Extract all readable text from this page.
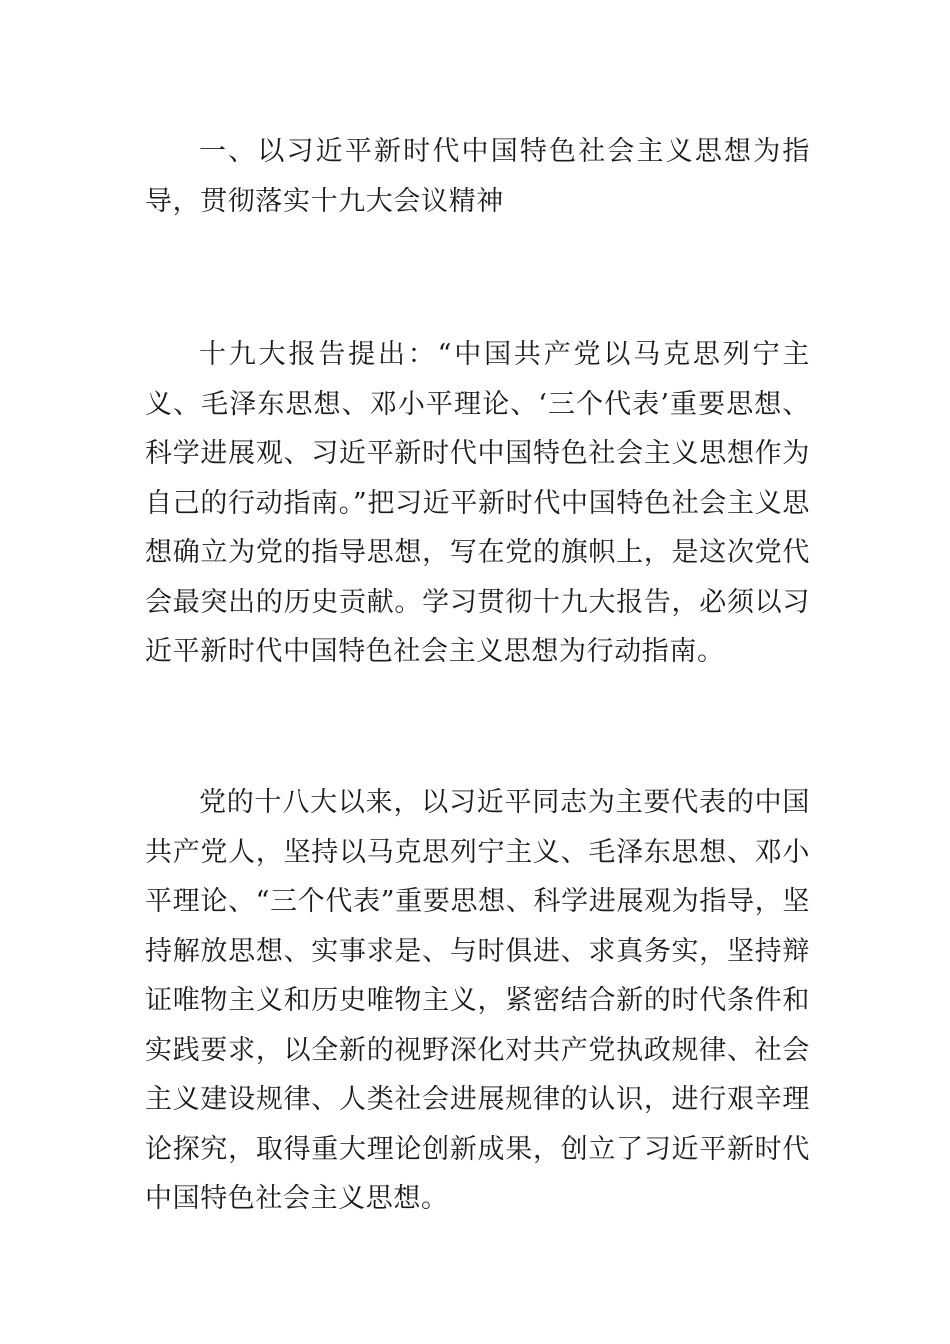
一、以习近平新时代中国特色社会主义思想为指导，贯彻落实十九大会议精神

十九大报告提出：“中国共产党以马克思列宁主义、毛泽东思想、邓小平理论、‘三个代表’重要思想、科学进展观、习近平新时代中国特色社会主义思想作为自己的行动指南。”把习近平新时代中国特色社会主义思想确立为党的指导思想，写在党的旗帜上，是这次党代会最突出的历史贡献。学习贯彻十九大报告，必须以习近平新时代中国特色社会主义思想为行动指南。

党的十八大以来，以习近平同志为主要代表的中国共产党人，坚持以马克思列宁主义、毛泽东思想、邓小平理论、“三个代表”重要思想、科学进展观为指导，坚持解放思想、实事求是、与时俱进、求真务实，坚持辩证唯物主义和历史唯物主义，紧密结合新的时代条件和实践要求，以全新的视野深化对共产党执政规律、社会主义建设规律、人类社会进展规律的认识，进行艰辛理论探究，取得重大理论创新成果，创立了习近平新时代中国特色社会主义思想。
